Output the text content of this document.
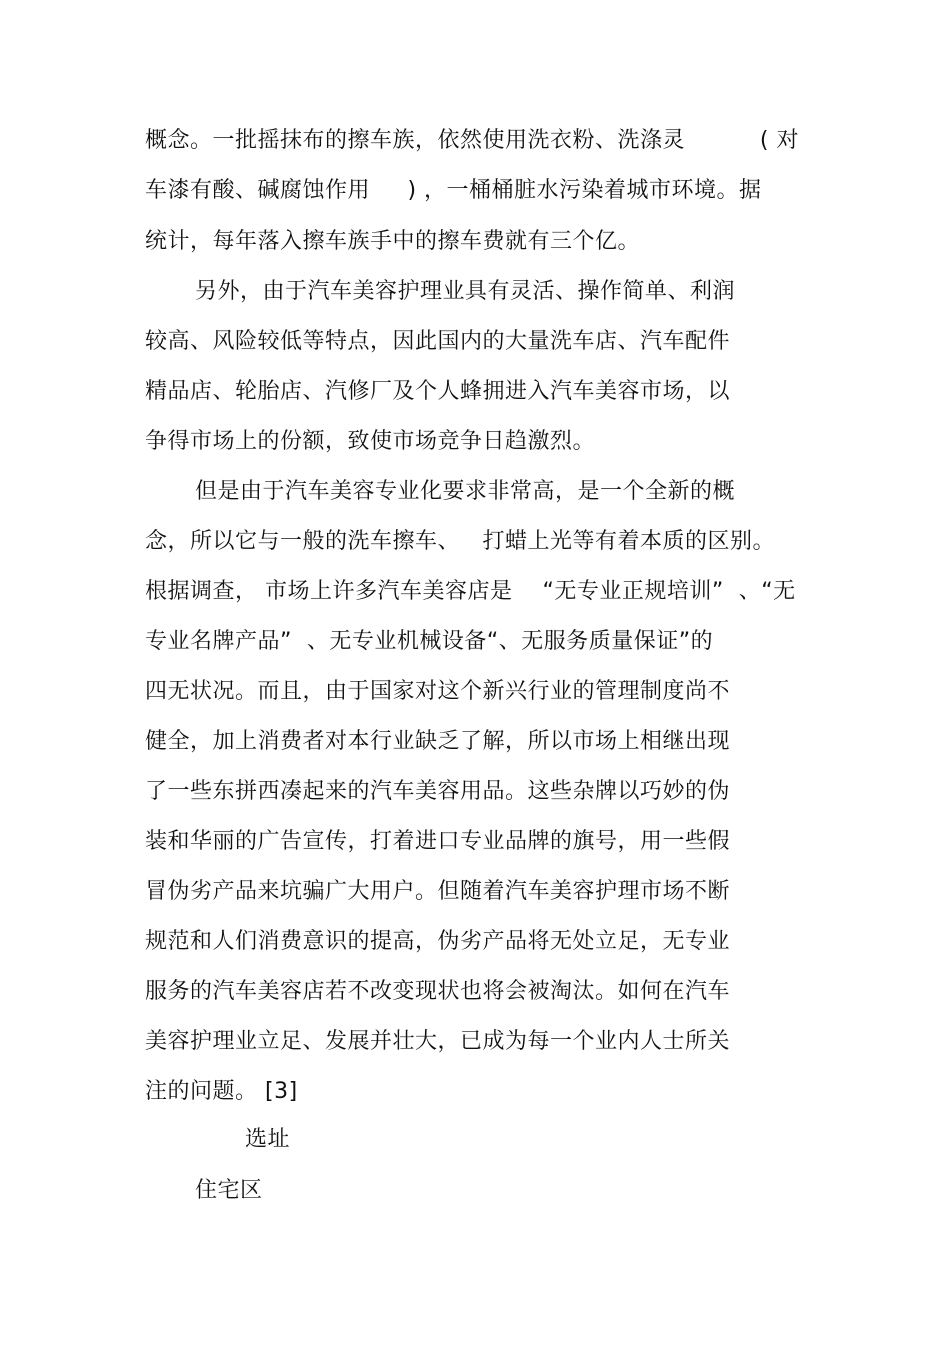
概念。一批摇抹布的擦车族，依然使用洗衣粉、洗涤灵          ( 对
车漆有酸、碱腐蚀作用     ) ，一桶桶脏水污染着城市环境。据
统计，每年落入擦车族手中的擦车费就有三个亿。
另外，由于汽车美容护理业具有灵活、操作简单、利润
较高、风险较低等特点，因此国内的大量洗车店、汽车配件
精品店、轮胎店、汽修厂及个人蜂拥进入汽车美容市场，以
争得市场上的份额，致使市场竞争日趋激烈。
但是由于汽车美容专业化要求非常高，是一个全新的概
念，所以它与一般的洗车擦车、   打蜡上光等有着本质的区别。
根据调查， 市场上许多汽车美容店是    “无专业正规培训”  、“无
专业名牌产品”  、无专业机械设备“、无服务质量保证”的
四无状况。而且，由于国家对这个新兴行业的管理制度尚不
健全，加上消费者对本行业缺乏了解，所以市场上相继出现
了一些东拼西凑起来的汽车美容用品。这些杂牌以巧妙的伪
装和华丽的广告宣传，打着进口专业品牌的旗号，用一些假
冒伪劣产品来坑骗广大用户。但随着汽车美容护理市场不断
规范和人们消费意识的提高，伪劣产品将无处立足，无专业
服务的汽车美容店若不改变现状也将会被淘汰。如何在汽车
美容护理业立足、发展并壮大，已成为每一个业内人士所关
注的问题。 [3]
选址
住宅区
